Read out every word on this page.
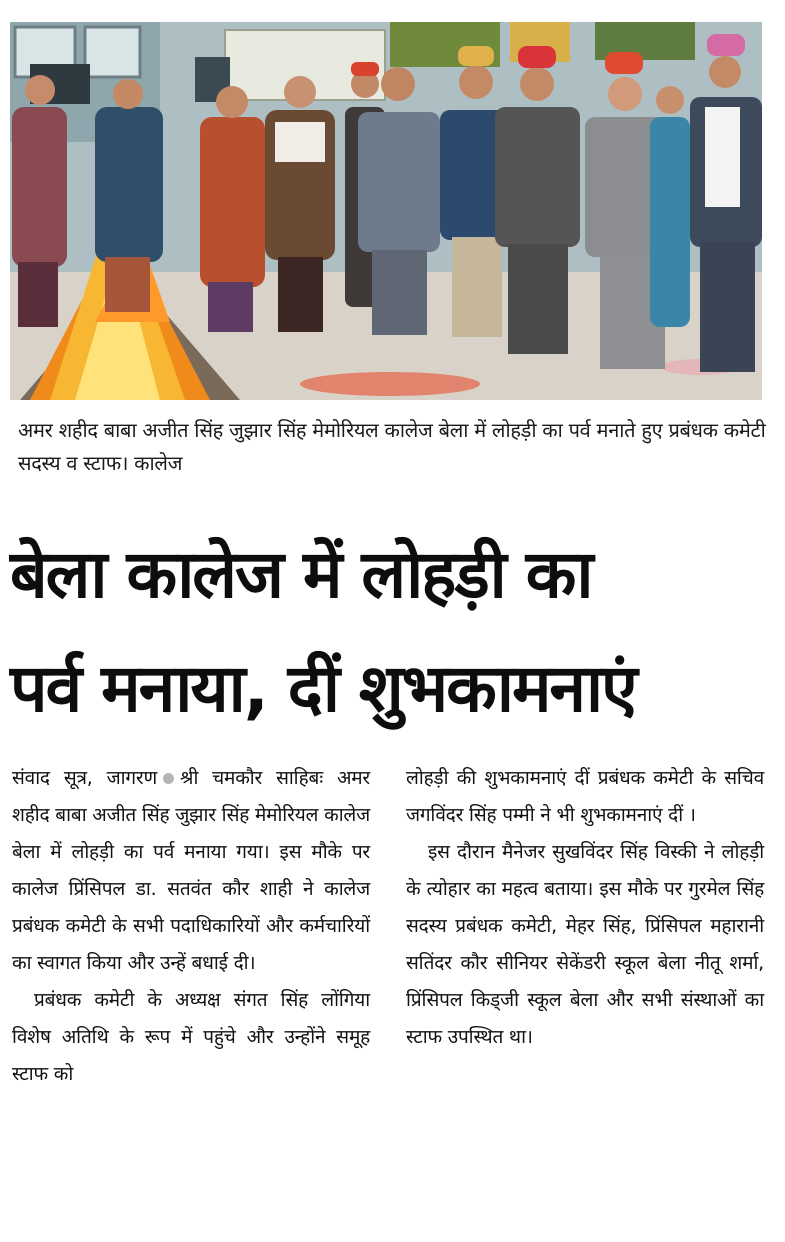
अमर शहीद बाबा अजीत सिंह जुझार सिंह मेमोरियल कालेज बेला में लोहड़ी का पर्व मनाते हुए प्रबंधक कमेटी सदस्य व स्टाफ। कालेज
बेला कालेज में लोहड़ी का
पर्व मनाया, दीं शुभकामनाएं

संवाद सूत्र, जागरण श्री चमकौर साहिबः अमर शहीद बाबा अजीत सिंह जुझार सिंह मेमोरियल कालेज बेला में लोहड़ी का पर्व मनाया गया। इस मौके पर कालेज प्रिंसिपल डा. सतवंत कौर शाही ने कालेज प्रबंधक कमेटी के सभी पदाधिकारियों और कर्मचारियों का स्वागत किया और उन्हें बधाई दी।

प्रबंधक कमेटी के अध्यक्ष संगत सिंह लोंगिया विशेष अतिथि के रूप में पहुंचे और उन्होंने समूह स्टाफ को

लोहड़ी की शुभकामनाएं दीं प्रबंधक कमेटी के सचिव जगविंदर सिंह पम्मी ने भी शुभकामनाएं दीं ।

इस दौरान मैनेजर सुखविंदर सिंह विस्की ने लोहड़ी के त्योहार का महत्व बताया। इस मौके पर गुरमेल सिंह सदस्य प्रबंधक कमेटी, मेहर सिंह, प्रिंसिपल महारानी सतिंदर कौर सीनियर सेकेंडरी स्कूल बेला नीतू शर्मा, प्रिंसिपल किड्जी स्कूल बेला और सभी संस्थाओं का स्टाफ उपस्थित था।
